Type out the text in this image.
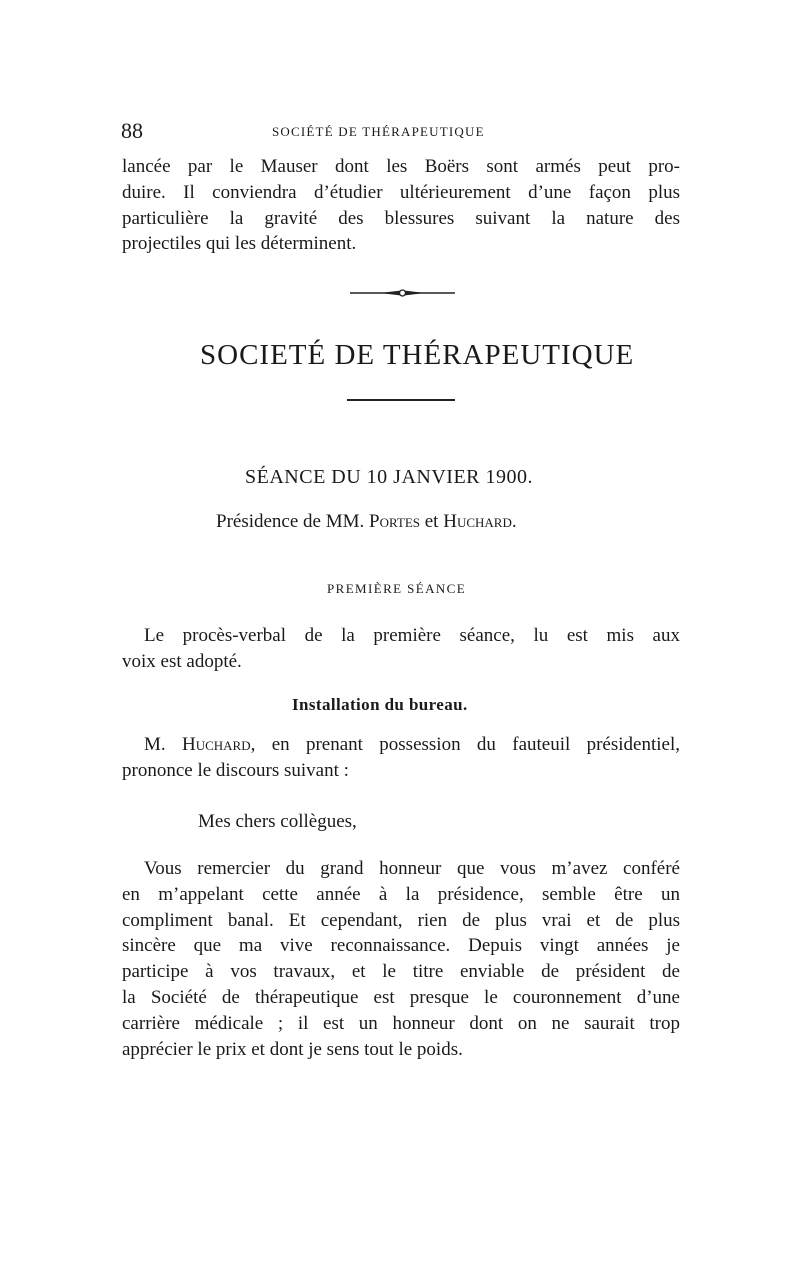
88	SOCIÉTÉ DE THÉRAPEUTIQUE
lancée par le Mauser dont les Boërs sont armés peut pro-
duire. Il conviendra d’étudier ultérieurement d’une façon plus
particulière la gravité des blessures suivant la nature des
projectiles qui les déterminent.
SOCIETÉ DE THÉRAPEUTIQUE
SÉANCE DU 10 JANVIER 1900.
Présidence de MM. Portes et Huchard.
PREMIÈRE SÉANCE
Le procès-verbal de la première séance, lu est mis aux
voix est adopté.
Installation du bureau.
M. Huchard, en prenant possession du fauteuil présidentiel,
prononce le discours suivant :
Mes chers collègues,
Vous remercier du grand honneur que vous m’avez conféré
en m’appelant cette année à la présidence, semble être un
compliment banal. Et cependant, rien de plus vrai et de plus
sincère que ma vive reconnaissance. Depuis vingt années je
participe à vos travaux, et le titre enviable de président de
la Société de thérapeutique est presque le couronnement d’une
carrière médicale ; il est un honneur dont on ne saurait trop
apprécier le prix et dont je sens tout le poids.
